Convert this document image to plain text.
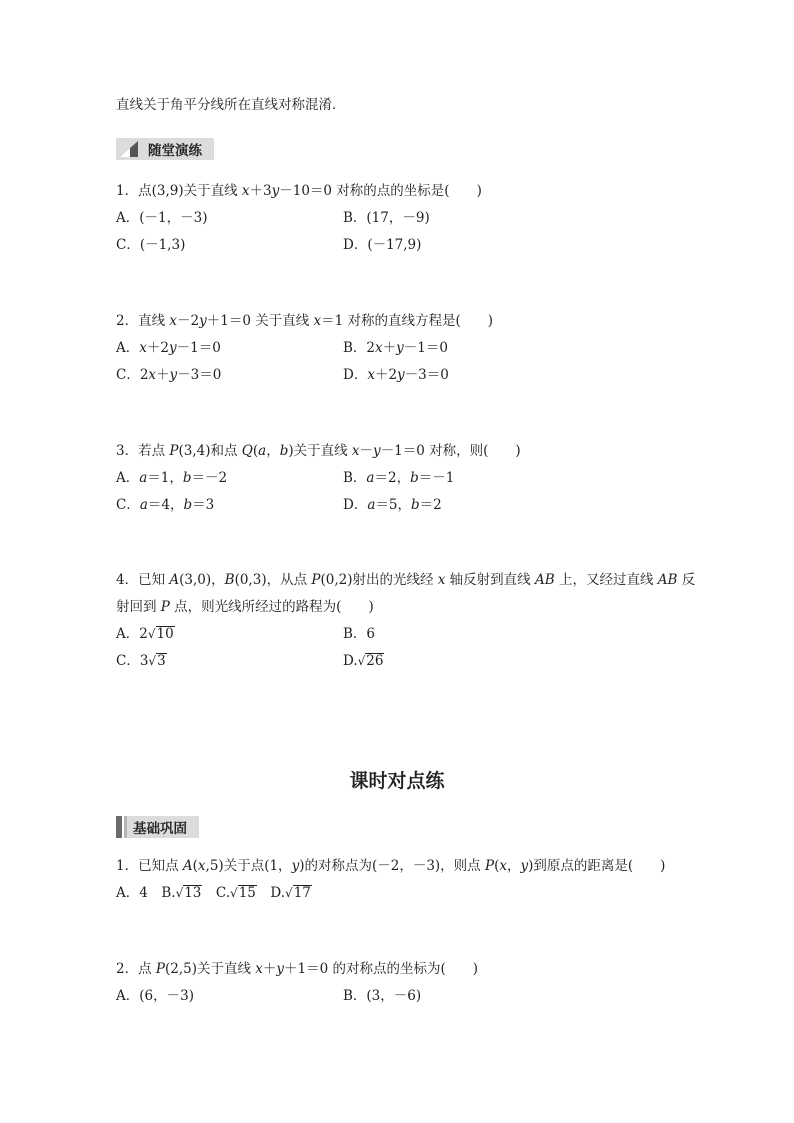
直线关于角平分线所在直线对称混淆．
随堂演练
1．点(3,9)关于直线 x＋3y－10＝0 对称的点的坐标是(　　)
A．(－1，－3)	B．(17，－9)
C．(－1,3)	D．(－17,9)
2．直线 x－2y＋1＝0 关于直线 x＝1 对称的直线方程是(　　)
A．x＋2y－1＝0	B．2x＋y－1＝0
C．2x＋y－3＝0	D．x＋2y－3＝0
3．若点 P(3,4)和点 Q(a，b)关于直线 x－y－1＝0 对称，则(　　)
A．a＝1，b＝－2	B．a＝2，b＝－1
C．a＝4，b＝3	D．a＝5，b＝2
4．已知 A(3,0)，B(0,3)，从点 P(0,2)射出的光线经 x 轴反射到直线 AB 上，又经过直线 AB 反
射回到 P 点，则光线所经过的路程为(　　)
A．2√10	B．6
C．3√3	D.√26
课时对点练
基础巩固
1．已知点 A(x,5)关于点(1，y)的对称点为(－2，－3)，则点 P(x，y)到原点的距离是(　　)
A．4　B.√13　C.√15　D.√17
2．点 P(2,5)关于直线 x＋y＋1＝0 的对称点的坐标为(　　)
A．(6，－3)	B．(3，－6)
